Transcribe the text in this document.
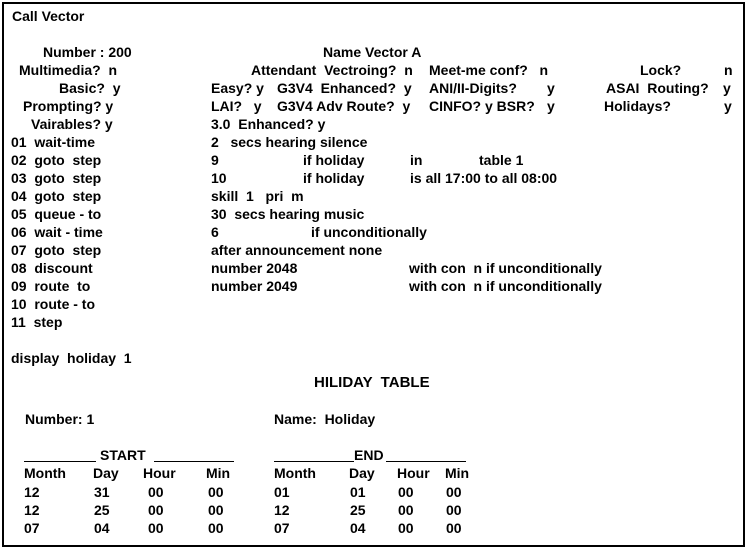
Call Vector
Number : 200	Name Vector A
Multimedia?  n	Attendant  Vectroing?  n Meet-me conf?   n	Lock?	n
Basic?  y	Easy? y G3V4  Enhanced?  y ANI/II-Digits? y	ASAI  Routing? y
Prompting? y	LAI?   y G3V4 Adv Route?  y CINFO? y BSR? y	Holidays?	y
Vairables? y	3.0  Enhanced? y
01  wait-time	2   secs hearing silence
02  goto  step	9	if holiday	in	table 1
03  goto  step	10	if holiday	is all 17:00 to all 08:00
04  goto  step	skill  1   pri  m
05  queue - to	30  secs hearing music
06  wait - time	6	if unconditionally
07  goto  step	after announcement none
08  discount	number 2048	with con  n if unconditionally
09  route  to	number 2049	with con  n if unconditionally
10  route - to
11  step
display  holiday  1
HILIDAY  TABLE
Number: 1	Name:  Holiday
START	END
Month Day Hour Min	Month Day Hour Min
12	31	00	00	01	01 00 00
12	25	00	00	12	25 00 00
07	04	00	00	07	04 00 00
